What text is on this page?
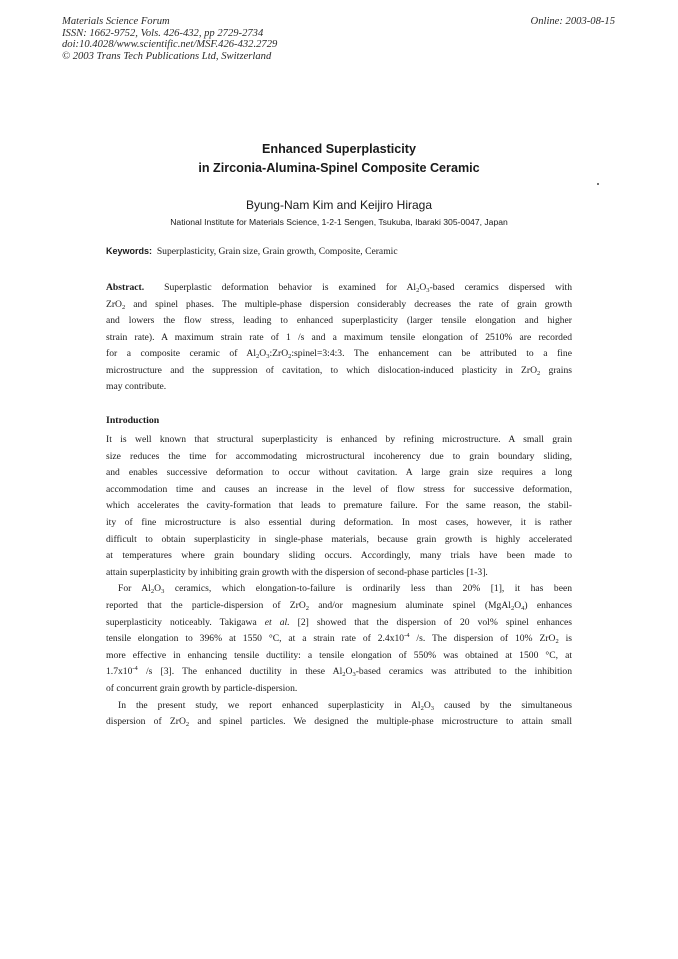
Materials Science Forum
ISSN: 1662-9752, Vols. 426-432, pp 2729-2734
doi:10.4028/www.scientific.net/MSF.426-432.2729
© 2003 Trans Tech Publications Ltd, Switzerland
Online: 2003-08-15
Enhanced Superplasticity
in Zirconia-Alumina-Spinel Composite Ceramic
Byung-Nam Kim and Keijiro Hiraga
National Institute for Materials Science, 1-2-1 Sengen, Tsukuba, Ibaraki 305-0047, Japan
Keywords: Superplasticity, Grain size, Grain growth, Composite, Ceramic
Abstract. Superplastic deformation behavior is examined for $Al_2O_3$-based ceramics dispersed with
ZrO$_2$ and spinel phases. The multiple-phase dispersion considerably decreases the rate of grain growth
and lowers the flow stress, leading to enhanced superplasticity (larger tensile elongation and higher
strain rate). A maximum strain rate of 1 /s and a maximum tensile elongation of 2510% are recorded
for a composite ceramic of $Al_2O_3:ZrO_2:spinel=3:4:3$. The enhancement can be attributed to a fine
microstructure and the suppression of cavitation, to which dislocation-induced plasticity in ZrO$_2$ grains
may contribute.
Introduction
It is well known that structural superplasticity is enhanced by refining microstructure. A small grain
size reduces the time for accommodating microstructural incoherency due to grain boundary sliding,
and enables successive deformation to occur without cavitation. A large grain size requires a long
accommodation time and causes an increase in the level of flow stress for successive deformation,
which accelerates the cavity-formation that leads to premature failure. For the same reason, the stabil-
ity of fine microstructure is also essential during deformation. In most cases, however, it is rather
difficult to obtain superplasticity in single-phase materials, because grain growth is highly accelerated
at temperatures where grain boundary sliding occurs. Accordingly, many trials have been made to
attain superplasticity by inhibiting grain growth with the dispersion of second-phase particles [1-3].
For $Al_2O_3$ ceramics, which elongation-to-failure is ordinarily less than 20% [1], it has been
reported that the particle-dispersion of ZrO$_2$ and/or magnesium aluminate spinel $(MgAl_2O_4)$ enhances
superplasticity noticeably. Takigawa et al. [2] showed that the dispersion of 20 vol% spinel enhances
tensile elongation to 396% at 1550 °C, at a strain rate of $2.4x10^{-4}$ /s. The dispersion of 10% ZrO$_2$ is
more effective in enhancing tensile ductility: a tensile elongation of 550% was obtained at 1500 °C, at
$1.7x10^{-4}$ /s [3]. The enhanced ductility in these $Al_2O_3$-based ceramics was attributed to the inhibition
of concurrent grain growth by particle-dispersion.
In the present study, we report enhanced superplasticity in $Al_2O_3$ caused by the simultaneous
dispersion of ZrO$_2$ and spinel particles. We designed the multiple-phase microstructure to attain small
